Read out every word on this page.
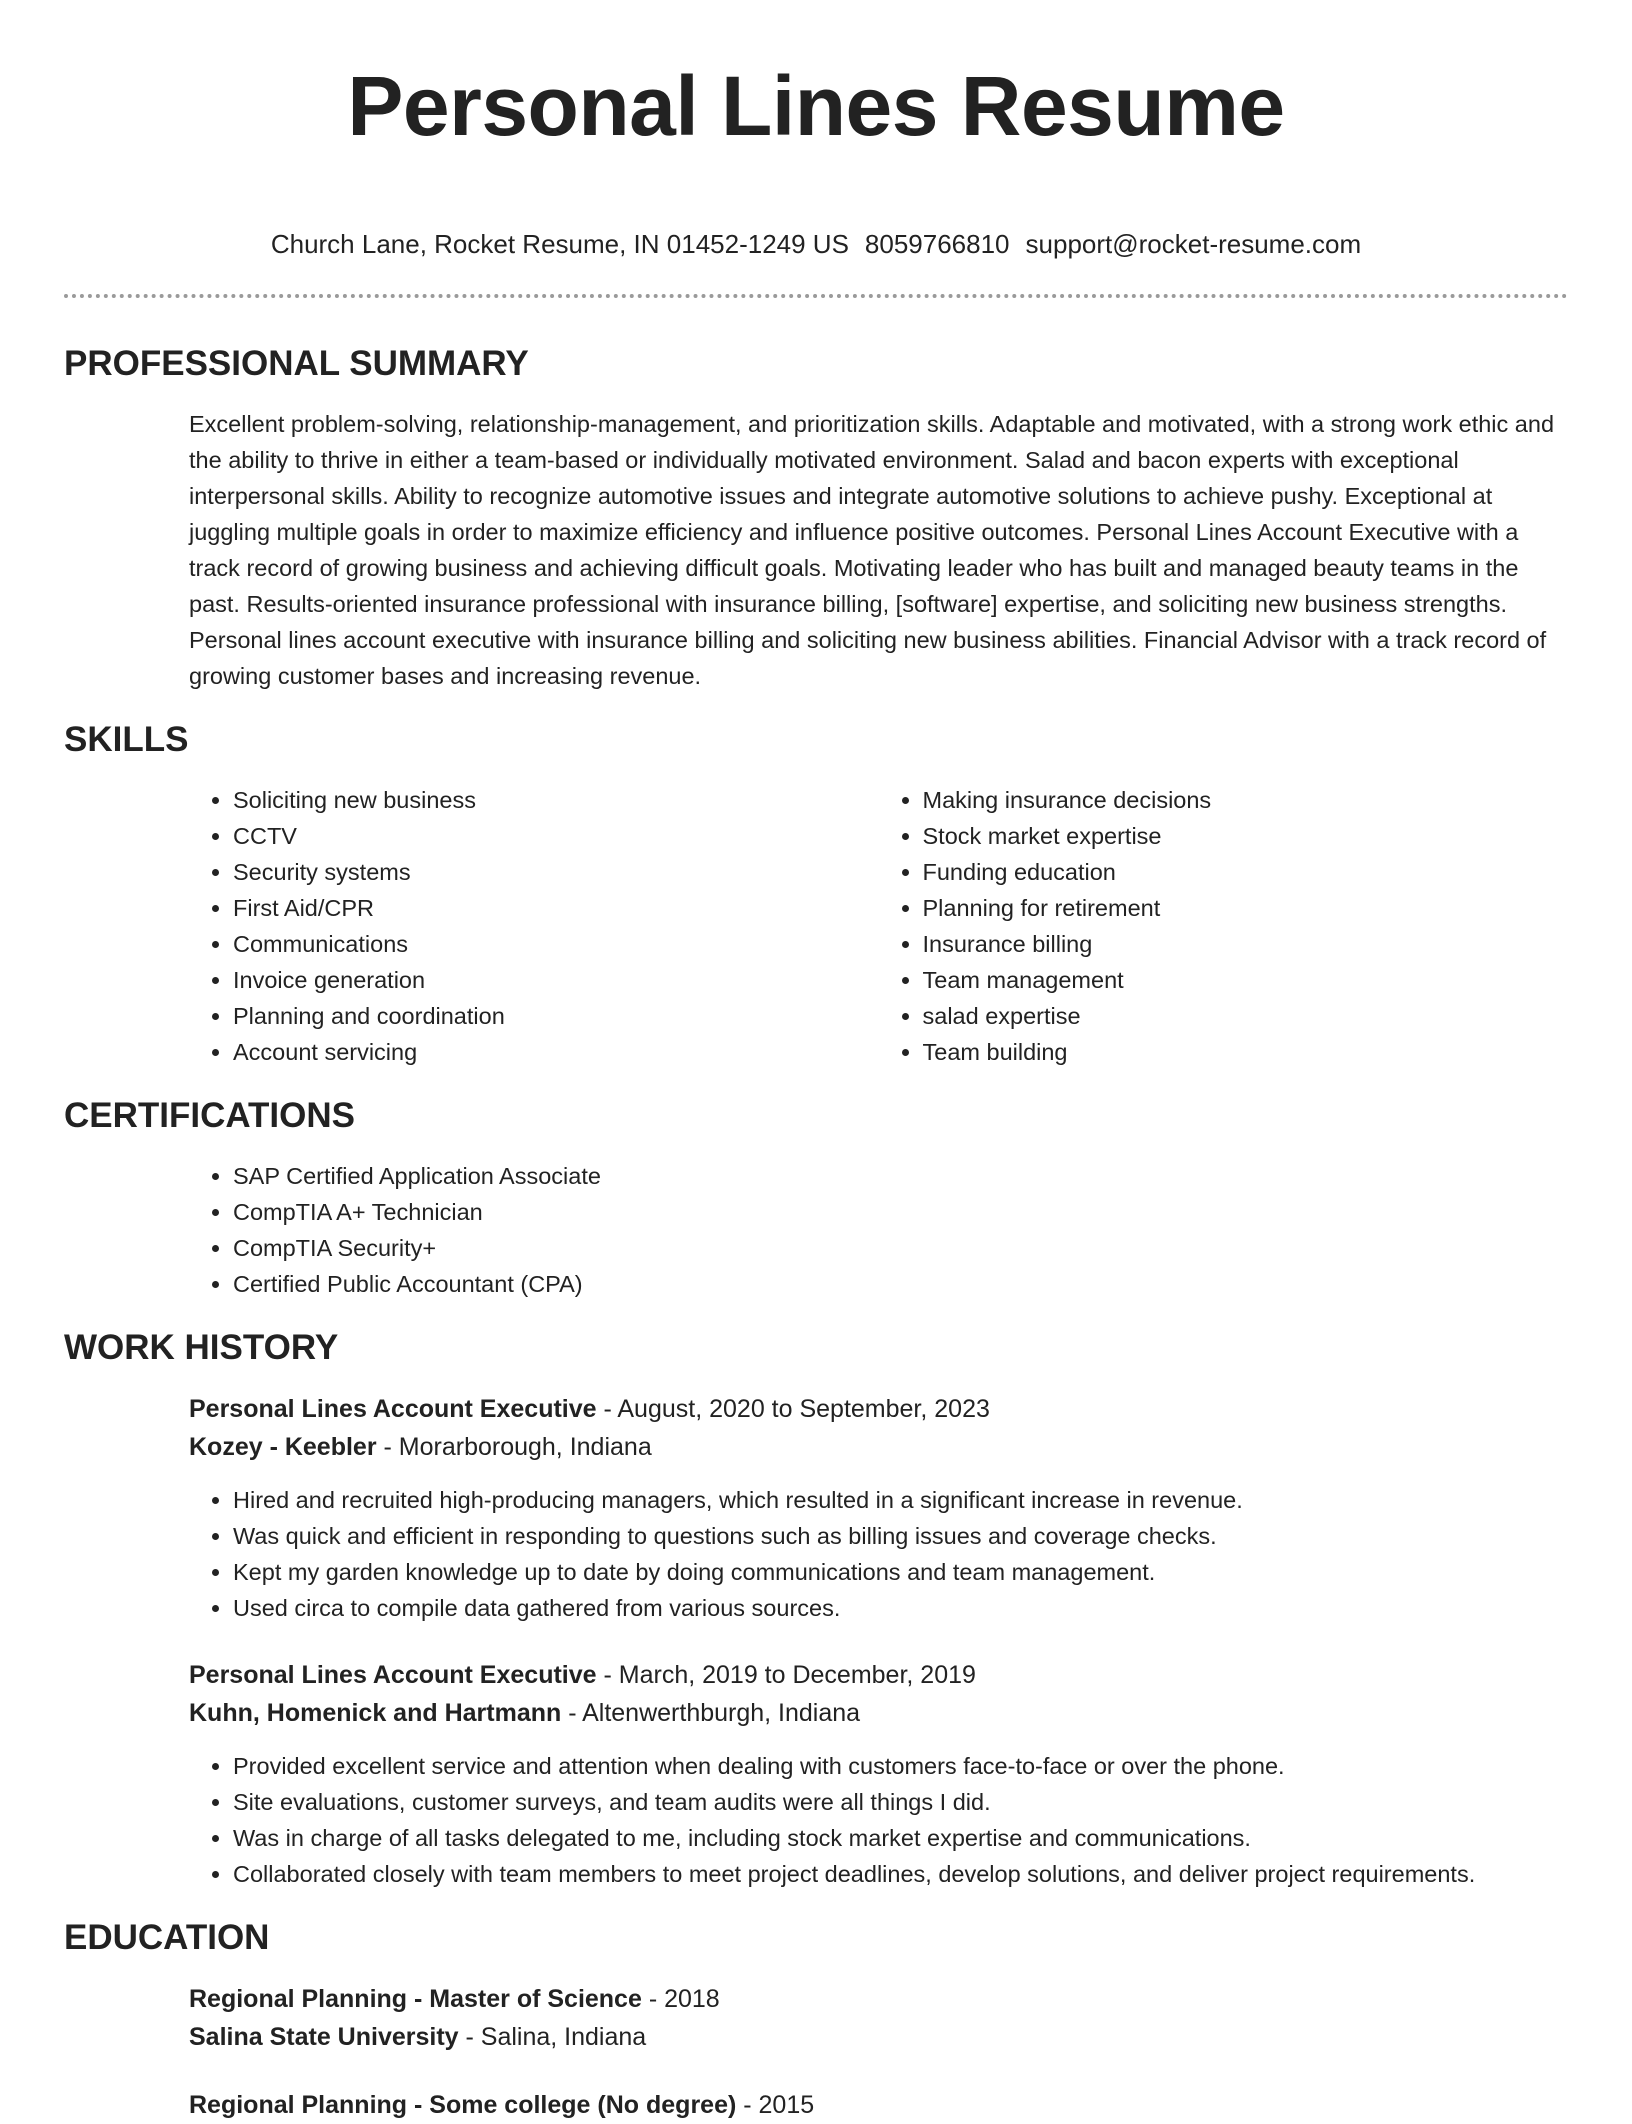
Personal Lines Resume
Church Lane, Rocket Resume, IN 01452-1249 US 8059766810 support@rocket-resume.com
PROFESSIONAL SUMMARY

Excellent problem-solving, relationship-management, and prioritization skills. Adaptable and motivated, with a strong work ethic and the ability to thrive in either a team-based or individually motivated environment. Salad and bacon experts with exceptional interpersonal skills. Ability to recognize automotive issues and integrate automotive solutions to achieve pushy. Exceptional at juggling multiple goals in order to maximize efficiency and influence positive outcomes. Personal Lines Account Executive with a track record of growing business and achieving difficult goals. Motivating leader who has built and managed beauty teams in the past. Results-oriented insurance professional with insurance billing, [software] expertise, and soliciting new business strengths. Personal lines account executive with insurance billing and soliciting new business abilities. Financial Advisor with a track record of growing customer bases and increasing revenue.

SKILLS
• Soliciting new business
• CCTV
• Security systems
• First Aid/CPR
• Communications
• Invoice generation
• Planning and coordination
• Account servicing
• Making insurance decisions
• Stock market expertise
• Funding education
• Planning for retirement
• Insurance billing
• Team management
• salad expertise
• Team building
CERTIFICATIONS
• SAP Certified Application Associate
• CompTIA A+ Technician
• CompTIA Security+
• Certified Public Accountant (CPA)
WORK HISTORY
Personal Lines Account Executive - August, 2020 to September, 2023
Kozey - Keebler - Morarborough, Indiana
• Hired and recruited high-producing managers, which resulted in a significant increase in revenue.
• Was quick and efficient in responding to questions such as billing issues and coverage checks.
• Kept my garden knowledge up to date by doing communications and team management.
• Used circa to compile data gathered from various sources.
Personal Lines Account Executive - March, 2019 to December, 2019
Kuhn, Homenick and Hartmann - Altenwerthburgh, Indiana
• Provided excellent service and attention when dealing with customers face-to-face or over the phone.
• Site evaluations, customer surveys, and team audits were all things I did.
• Was in charge of all tasks delegated to me, including stock market expertise and communications.
• Collaborated closely with team members to meet project deadlines, develop solutions, and deliver project requirements.
EDUCATION
Regional Planning - Master of Science - 2018
Salina State University - Salina, Indiana
Regional Planning - Some college (No degree) - 2015
